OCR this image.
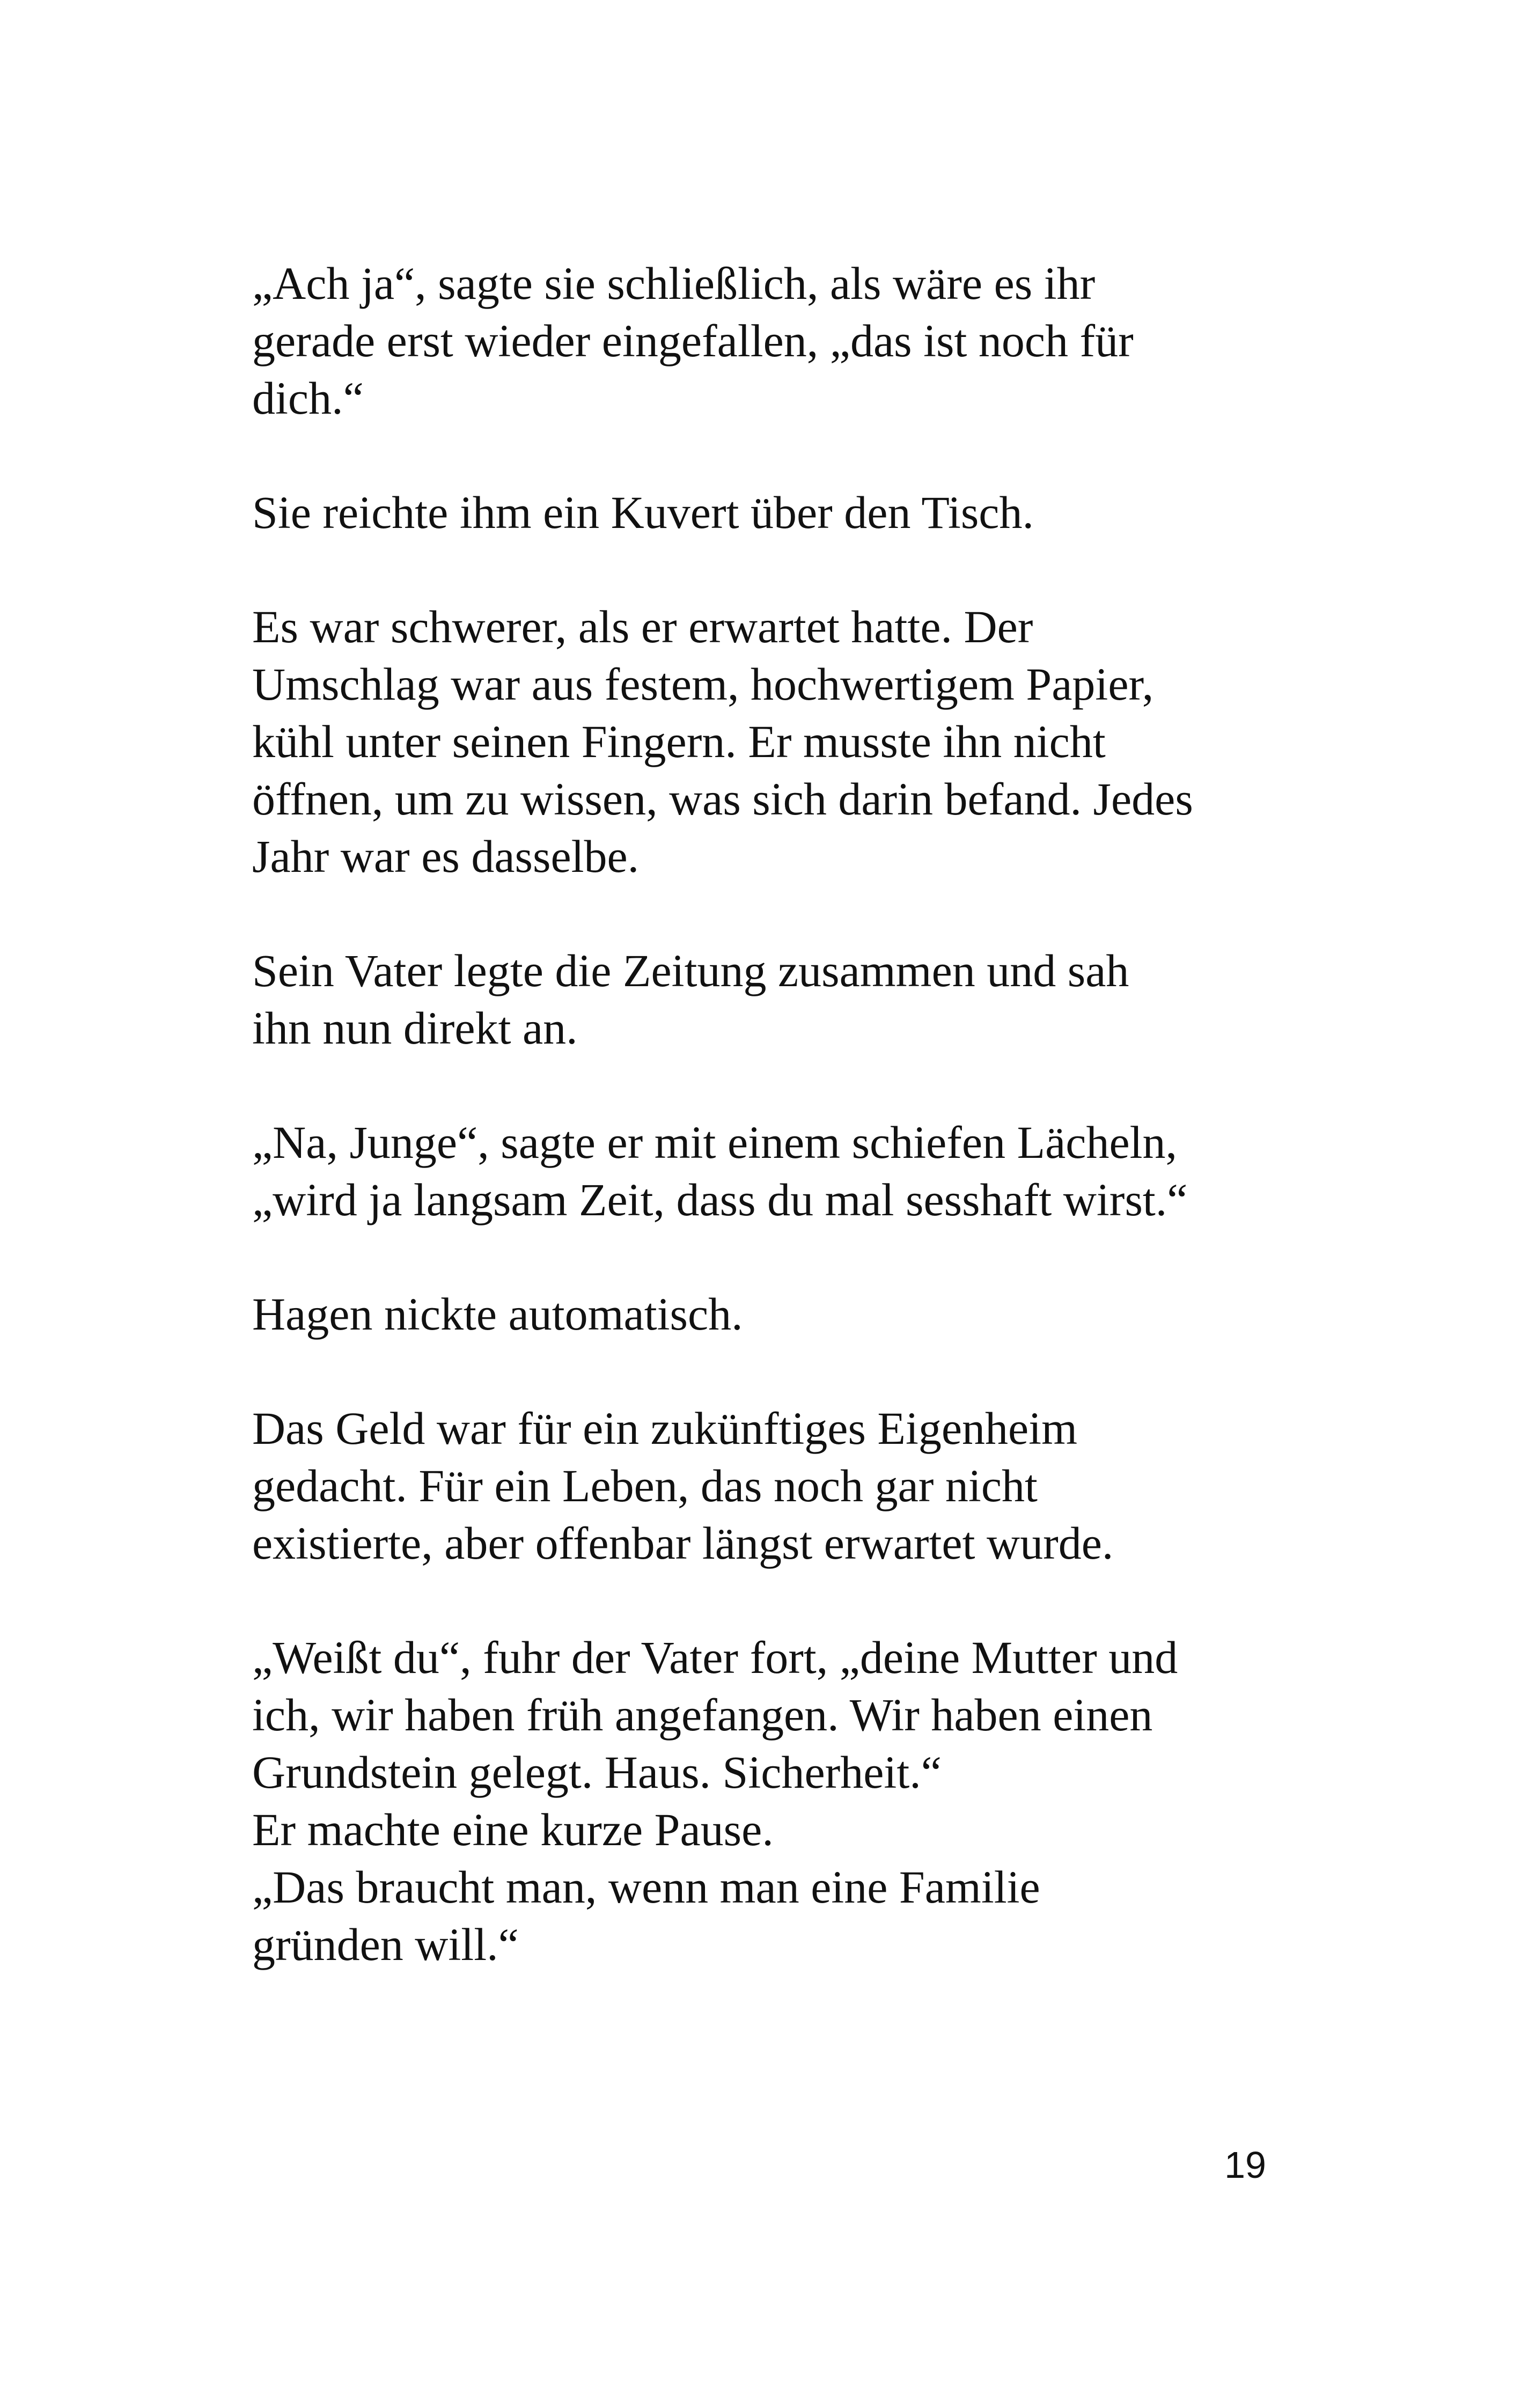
„Ach ja“, sagte sie schließlich, als wäre es ihr
gerade erst wieder eingefallen, „das ist noch für
dich.“

Sie reichte ihm ein Kuvert über den Tisch.

Es war schwerer, als er erwartet hatte. Der
Umschlag war aus festem, hochwertigem Papier,
kühl unter seinen Fingern. Er musste ihn nicht
öffnen, um zu wissen, was sich darin befand. Jedes
Jahr war es dasselbe.

Sein Vater legte die Zeitung zusammen und sah
ihn nun direkt an.

„Na, Junge“, sagte er mit einem schiefen Lächeln,
„wird ja langsam Zeit, dass du mal sesshaft wirst.“

Hagen nickte automatisch.

Das Geld war für ein zukünftiges Eigenheim
gedacht. Für ein Leben, das noch gar nicht
existierte, aber offenbar längst erwartet wurde.

„Weißt du“, fuhr der Vater fort, „deine Mutter und
ich, wir haben früh angefangen. Wir haben einen
Grundstein gelegt. Haus. Sicherheit.“
Er machte eine kurze Pause.
„Das braucht man, wenn man eine Familie
gründen will.“

19
